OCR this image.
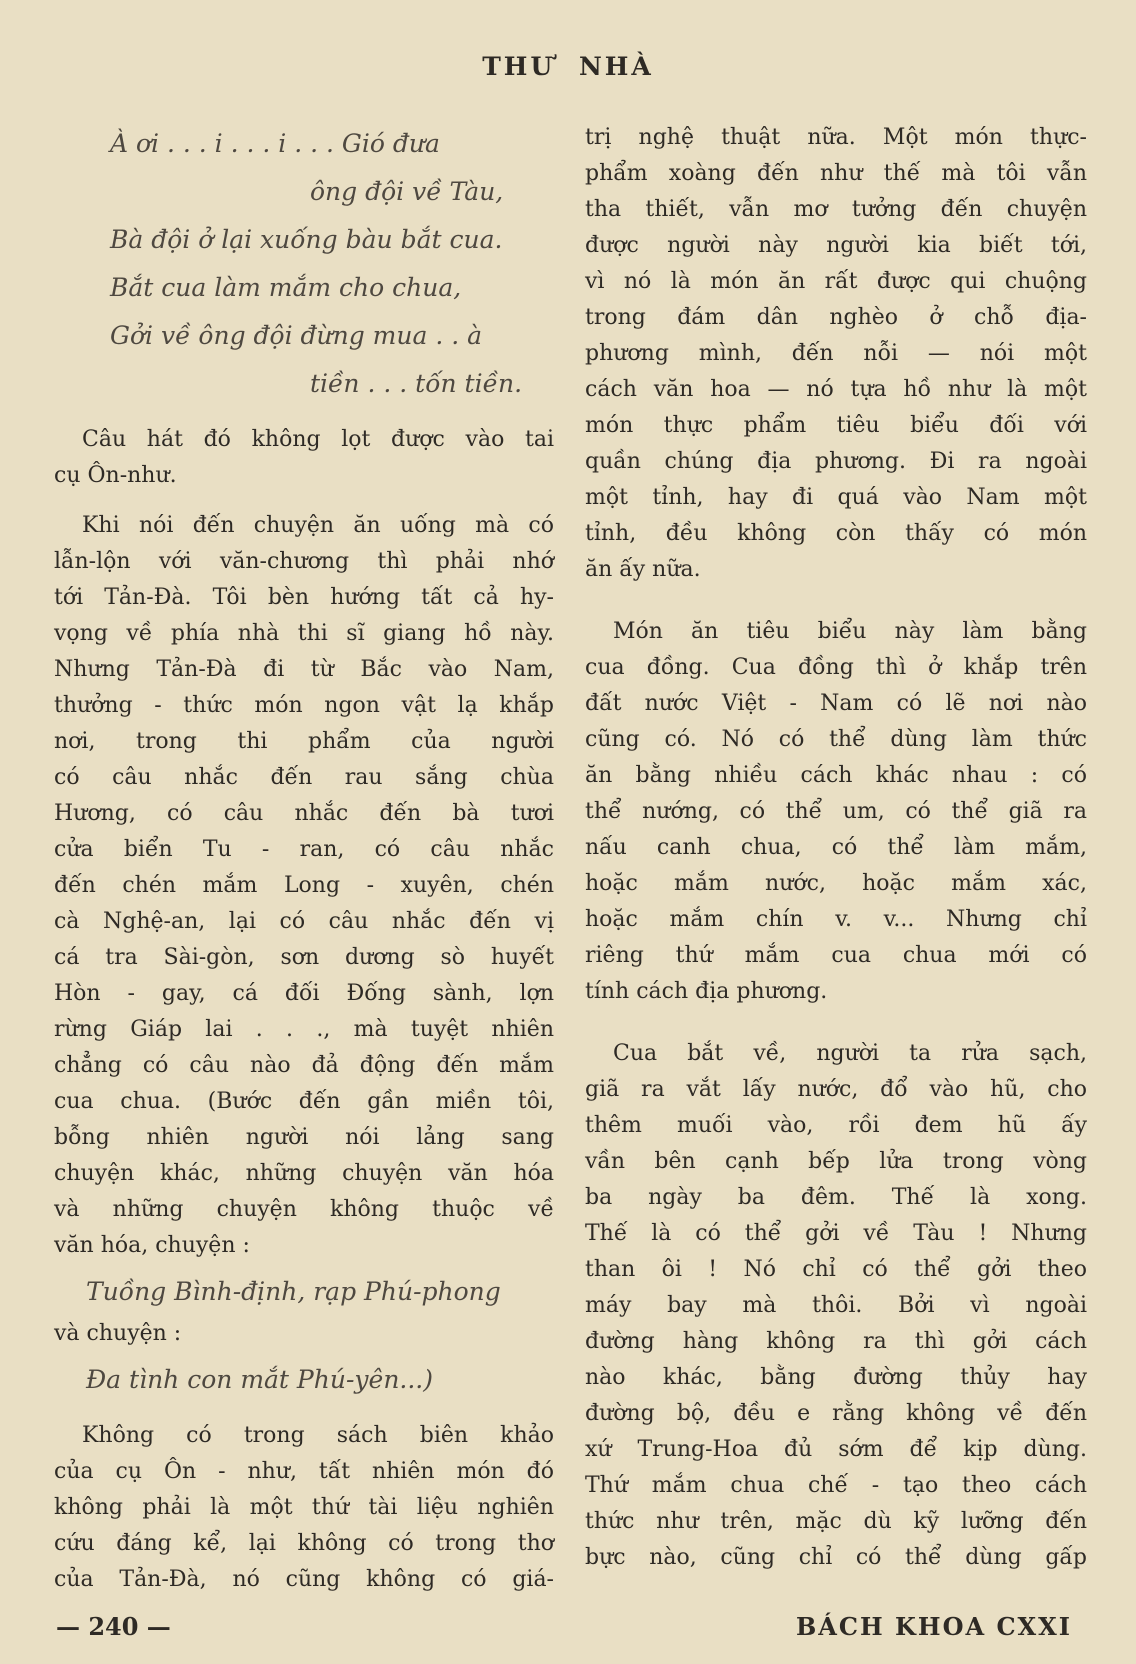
THƯ NHÀ
À ơi . . . i . . . i . . . Gió đưa
ông đội về Tàu,
Bà đội ở lại xuống bàu bắt cua.
Bắt cua làm mắm cho chua,
Gởi về ông đội đừng mua . . à
tiền . . . tốn tiền.
Câu hát đó không lọt được vào tai
cụ Ôn-như.
Khi nói đến chuyện ăn uống mà có
lẫn-lộn với văn-chương thì phải nhớ
tới Tản-Đà. Tôi bèn hướng tất cả hy-
vọng về phía nhà thi sĩ giang hồ này.
Nhưng Tản-Đà đi từ Bắc vào Nam,
thưởng - thức món ngon vật lạ khắp
nơi, trong thi phẩm của người
có câu nhắc đến rau sắng chùa
Hương, có câu nhắc đến bà tươi
cửa biển Tu - ran, có câu nhắc
đến chén mắm Long - xuyên, chén
cà Nghệ-an, lại có câu nhắc đến vị
cá tra Sài-gòn, sơn dương sò huyết
Hòn - gay, cá đối Đống sành, lợn
rừng Giáp lai . . ., mà tuyệt nhiên
chẳng có câu nào đả động đến mắm
cua chua. (Bước đến gần miền tôi,
bỗng nhiên người nói lảng sang
chuyện khác, những chuyện văn hóa
và những chuyện không thuộc về
văn hóa, chuyện :
Tuồng Bình-định, rạp Phú-phong
và chuyện :
Đa tình con mắt Phú-yên...)
Không có trong sách biên khảo
của cụ Ôn - như, tất nhiên món đó
không phải là một thứ tài liệu nghiên
cứu đáng kể, lại không có trong thơ
của Tản-Đà, nó cũng không có giá-
trị nghệ thuật nữa. Một món thực-
phẩm xoàng đến như thế mà tôi vẫn
tha thiết, vẫn mơ tưởng đến chuyện
được người này người kia biết tới,
vì nó là món ăn rất được qui chuộng
trong đám dân nghèo ở chỗ địa-
phương mình, đến nỗi — nói một
cách văn hoa — nó tựa hồ như là một
món thực phẩm tiêu biểu đối với
quần chúng địa phương. Đi ra ngoài
một tỉnh, hay đi quá vào Nam một
tỉnh, đều không còn thấy có món
ăn ấy nữa.
Món ăn tiêu biểu này làm bằng
cua đồng. Cua đồng thì ở khắp trên
đất nước Việt - Nam có lẽ nơi nào
cũng có. Nó có thể dùng làm thức
ăn bằng nhiều cách khác nhau : có
thể nướng, có thể um, có thể giã ra
nấu canh chua, có thể làm mắm,
hoặc mắm nước, hoặc mắm xác,
hoặc mắm chín v. v... Nhưng chỉ
riêng thứ mắm cua chua mới có
tính cách địa phương.
Cua bắt về, người ta rửa sạch,
giã ra vắt lấy nước, đổ vào hũ, cho
thêm muối vào, rồi đem hũ ấy
vần bên cạnh bếp lửa trong vòng
ba ngày ba đêm. Thế là xong.
Thế là có thể gởi về Tàu ! Nhưng
than ôi ! Nó chỉ có thể gởi theo
máy bay mà thôi. Bởi vì ngoài
đường hàng không ra thì gởi cách
nào khác, bằng đường thủy hay
đường bộ, đều e rằng không về đến
xứ Trung-Hoa đủ sớm để kịp dùng.
Thứ mắm chua chế - tạo theo cách
thức như trên, mặc dù kỹ lưỡng đến
bực nào, cũng chỉ có thể dùng gấp
— 240 —	BÁCH KHOA CXXI
